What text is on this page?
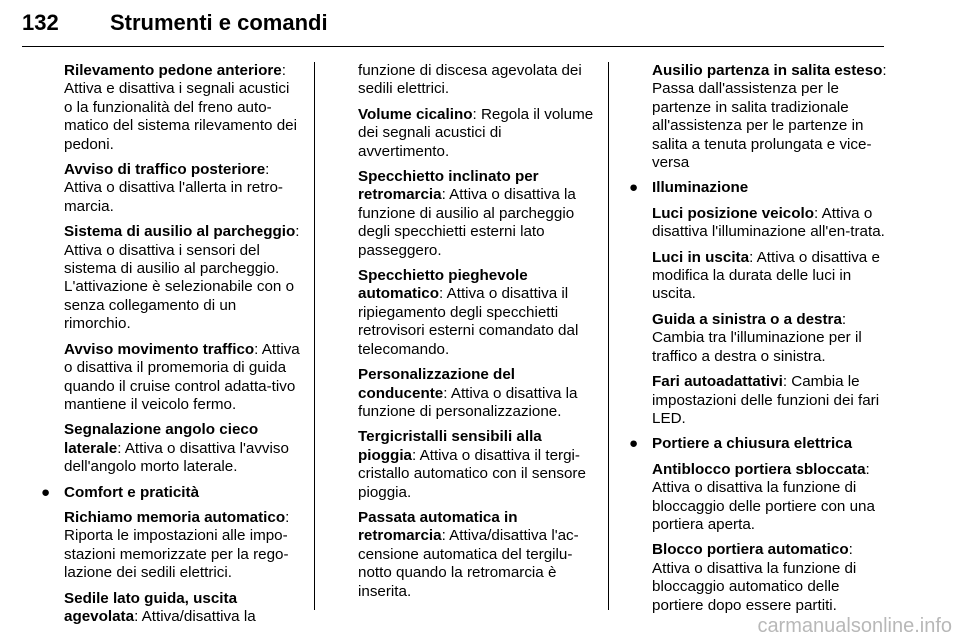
132 Strumenti e comandi
Rilevamento pedone anteriore: Attiva e disattiva i segnali acustici o la funzionalità del freno auto-matico del sistema rilevamento dei pedoni.
Avviso di traffico posteriore: Attiva o disattiva l'allerta in retro-marcia.
Sistema di ausilio al parcheggio: Attiva o disattiva i sensori del sistema di ausilio al parcheggio. L'attivazione è selezionabile con o senza collegamento di un rimorchio.
Avviso movimento traffico: Attiva o disattiva il promemoria di guida quando il cruise control adatta-tivo mantiene il veicolo fermo.
Segnalazione angolo cieco laterale: Attiva o disattiva l'avviso dell'angolo morto laterale.
● Comfort e praticità
Richiamo memoria automatico: Riporta le impostazioni alle impo-stazioni memorizzate per la rego-lazione dei sedili elettrici.
Sedile lato guida, uscita agevolata: Attiva/disattiva la
funzione di discesa agevolata dei sedili elettrici.
Volume cicalino: Regola il volume dei segnali acustici di avvertimento.
Specchietto inclinato per retromarcia: Attiva o disattiva la funzione di ausilio al parcheggio degli specchietti esterni lato passeggero.
Specchietto pieghevole automatico: Attiva o disattiva il ripiegamento degli specchietti retrovisori esterni comandato dal telecomando.
Personalizzazione del conducente: Attiva o disattiva la funzione di personalizzazione.
Tergicristalli sensibili alla pioggia: Attiva o disattiva il tergi-cristallo automatico con il sensore pioggia.
Passata automatica in retromarcia: Attiva/disattiva l'ac-censione automatica del tergilu-notto quando la retromarcia è inserita.
Ausilio partenza in salita esteso: Passa dall'assistenza per le partenze in salita tradizionale all'assistenza per le partenze in salita a tenuta prolungata e vice-versa
● Illuminazione
Luci posizione veicolo: Attiva o disattiva l'illuminazione all'en-trata.
Luci in uscita: Attiva o disattiva e modifica la durata delle luci in uscita.
Guida a sinistra o a destra: Cambia tra l'illuminazione per il traffico a destra o sinistra.
Fari autoadattativi: Cambia le impostazioni delle funzioni dei fari LED.
● Portiere a chiusura elettrica
Antiblocco portiera sbloccata: Attiva o disattiva la funzione di bloccaggio delle portiere con una portiera aperta.
Blocco portiera automatico: Attiva o disattiva la funzione di bloccaggio automatico delle portiere dopo essere partiti.
carmanualsonline.info
